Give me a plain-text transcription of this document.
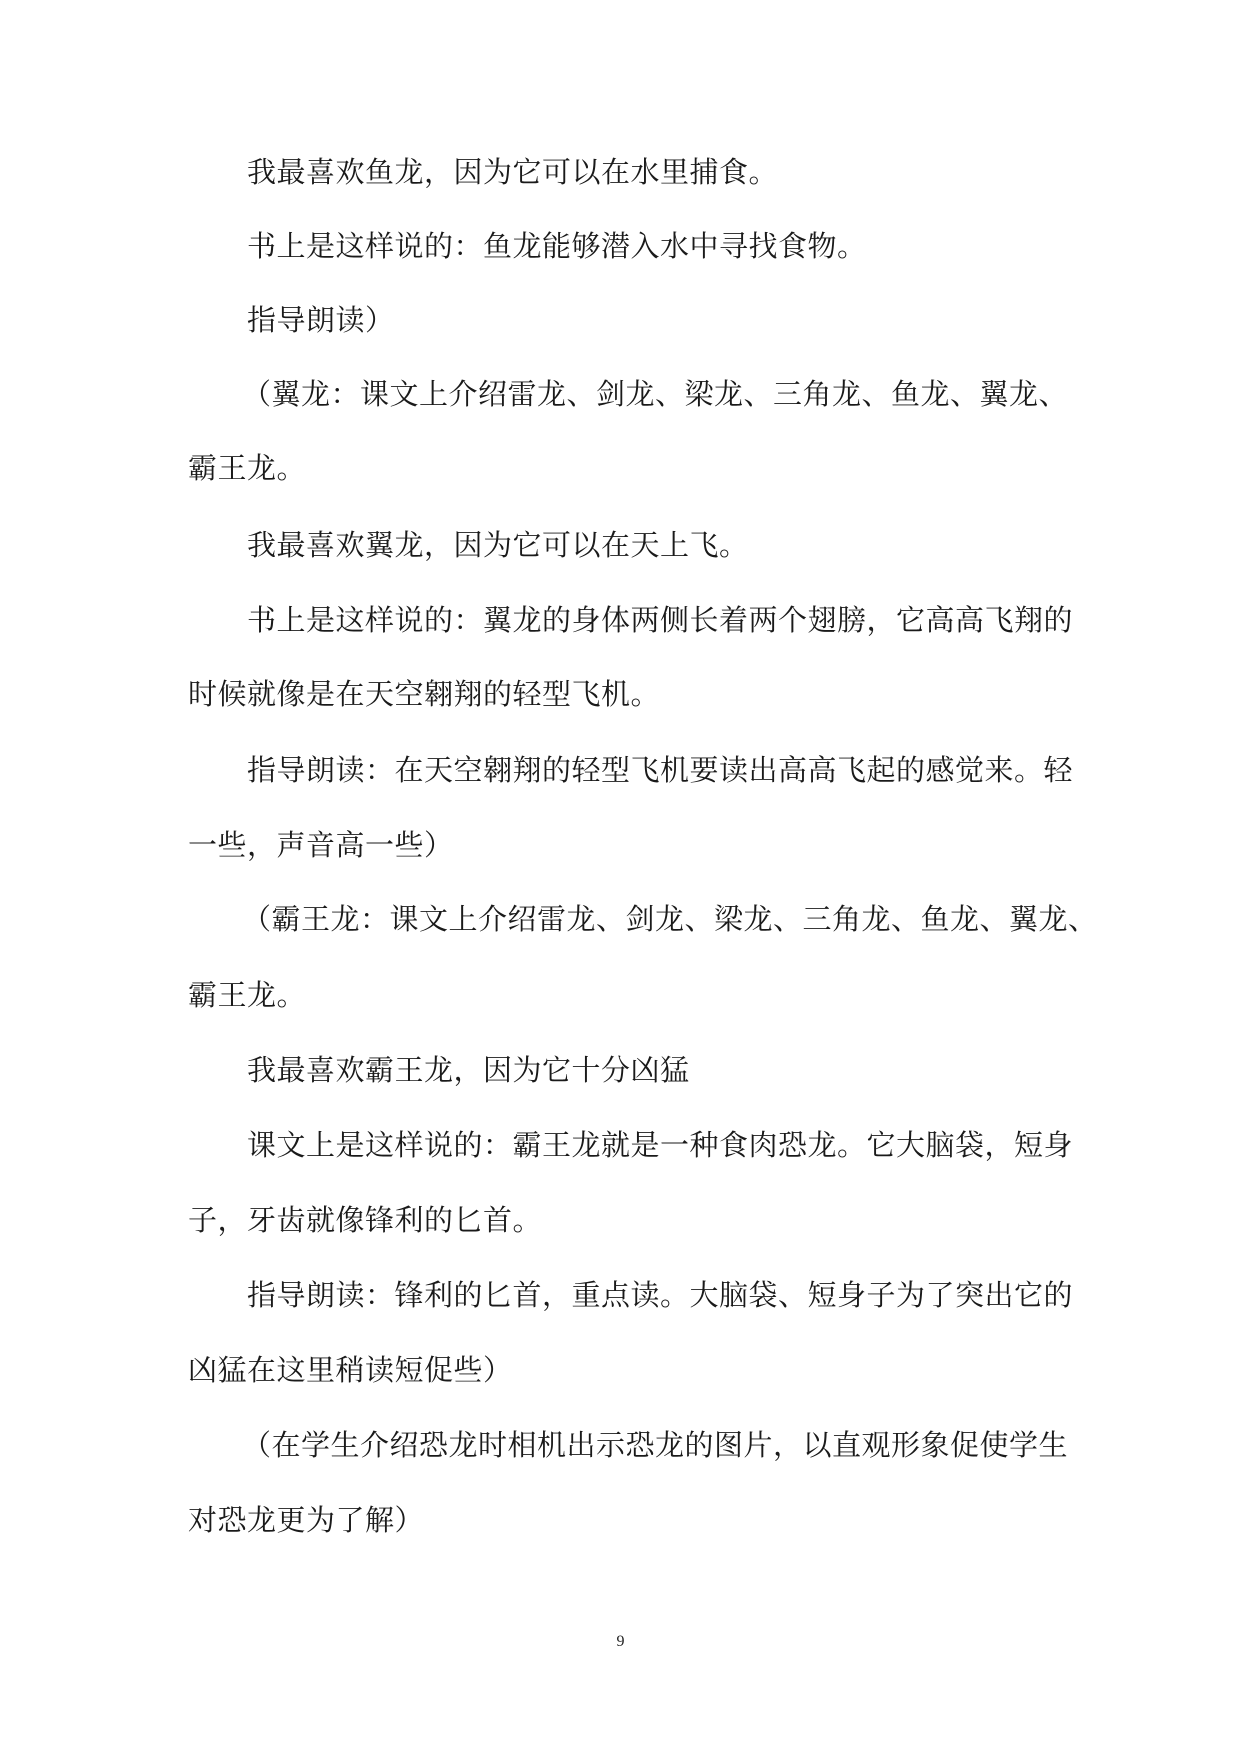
我最喜欢鱼龙，因为它可以在水里捕食。
书上是这样说的：鱼龙能够潜入水中寻找食物。
指导朗读）
（翼龙：课文上介绍雷龙、剑龙、梁龙、三角龙、鱼龙、翼龙、
霸王龙。
我最喜欢翼龙，因为它可以在天上飞。
书上是这样说的：翼龙的身体两侧长着两个翅膀，它高高飞翔的
时候就像是在天空翱翔的轻型飞机。
指导朗读：在天空翱翔的轻型飞机要读出高高飞起的感觉来。轻
一些，声音高一些）
（霸王龙：课文上介绍雷龙、剑龙、梁龙、三角龙、鱼龙、翼龙、
霸王龙。
我最喜欢霸王龙，因为它十分凶猛
课文上是这样说的：霸王龙就是一种食肉恐龙。它大脑袋，短身
子，牙齿就像锋利的匕首。
指导朗读：锋利的匕首，重点读。大脑袋、短身子为了突出它的
凶猛在这里稍读短促些）
（在学生介绍恐龙时相机出示恐龙的图片，以直观形象促使学生
对恐龙更为了解）
9
